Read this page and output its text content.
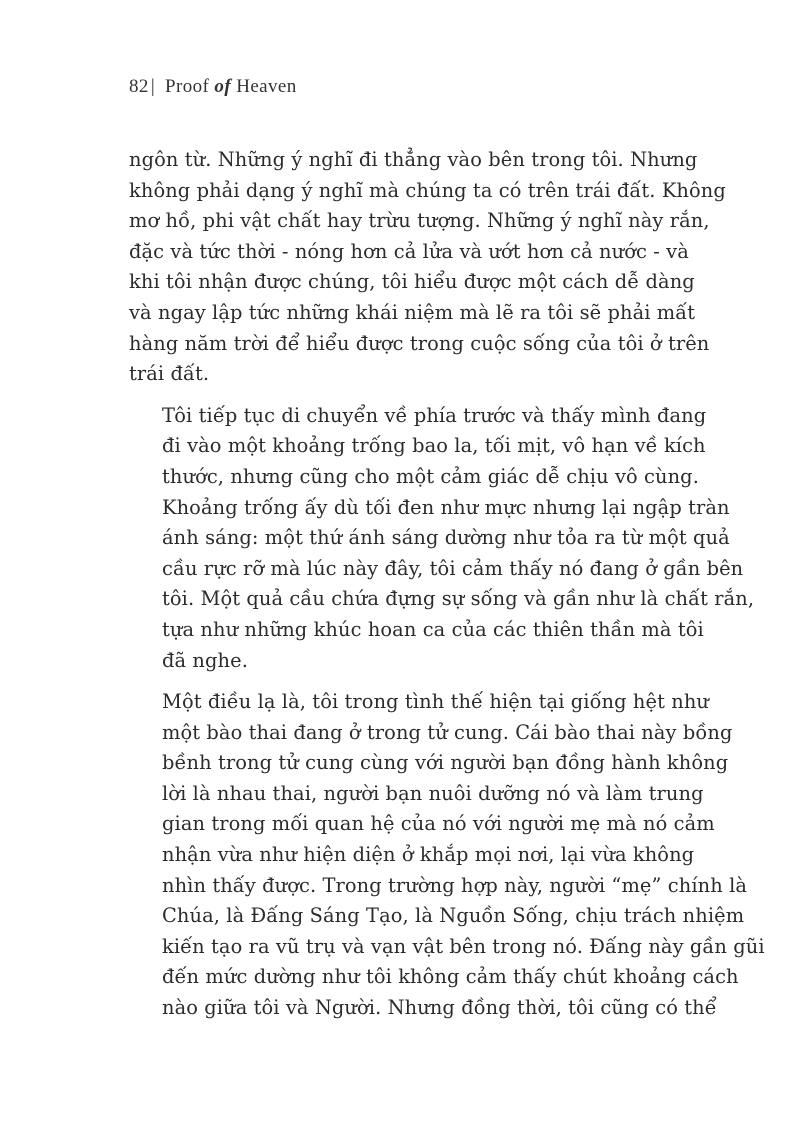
82 | Proof of Heaven

ngôn từ. Những ý nghĩ đi thẳng vào bên trong tôi. Nhưng
không phải dạng ý nghĩ mà chúng ta có trên trái đất. Không
mơ hồ, phi vật chất hay trừu tượng. Những ý nghĩ này rắn,
đặc và tức thời - nóng hơn cả lửa và ướt hơn cả nước - và
khi tôi nhận được chúng, tôi hiểu được một cách dễ dàng
và ngay lập tức những khái niệm mà lẽ ra tôi sẽ phải mất
hàng năm trời để hiểu được trong cuộc sống của tôi ở trên
trái đất.

Tôi tiếp tục di chuyển về phía trước và thấy mình đang
đi vào một khoảng trống bao la, tối mịt, vô hạn về kích
thước, nhưng cũng cho một cảm giác dễ chịu vô cùng.
Khoảng trống ấy dù tối đen như mực nhưng lại ngập tràn
ánh sáng: một thứ ánh sáng dường như tỏa ra từ một quả
cầu rực rỡ mà lúc này đây, tôi cảm thấy nó đang ở gần bên
tôi. Một quả cầu chứa đựng sự sống và gần như là chất rắn,
tựa như những khúc hoan ca của các thiên thần mà tôi
đã nghe.

Một điều lạ là, tôi trong tình thế hiện tại giống hệt như
một bào thai đang ở trong tử cung. Cái bào thai này bồng
bềnh trong tử cung cùng với người bạn đồng hành không
lời là nhau thai, người bạn nuôi dưỡng nó và làm trung
gian trong mối quan hệ của nó với người mẹ mà nó cảm
nhận vừa như hiện diện ở khắp mọi nơi, lại vừa không
nhìn thấy được. Trong trường hợp này, người “mẹ” chính là
Chúa, là Đấng Sáng Tạo, là Nguồn Sống, chịu trách nhiệm
kiến tạo ra vũ trụ và vạn vật bên trong nó. Đấng này gần gũi
đến mức dường như tôi không cảm thấy chút khoảng cách
nào giữa tôi và Người. Nhưng đồng thời, tôi cũng có thể
